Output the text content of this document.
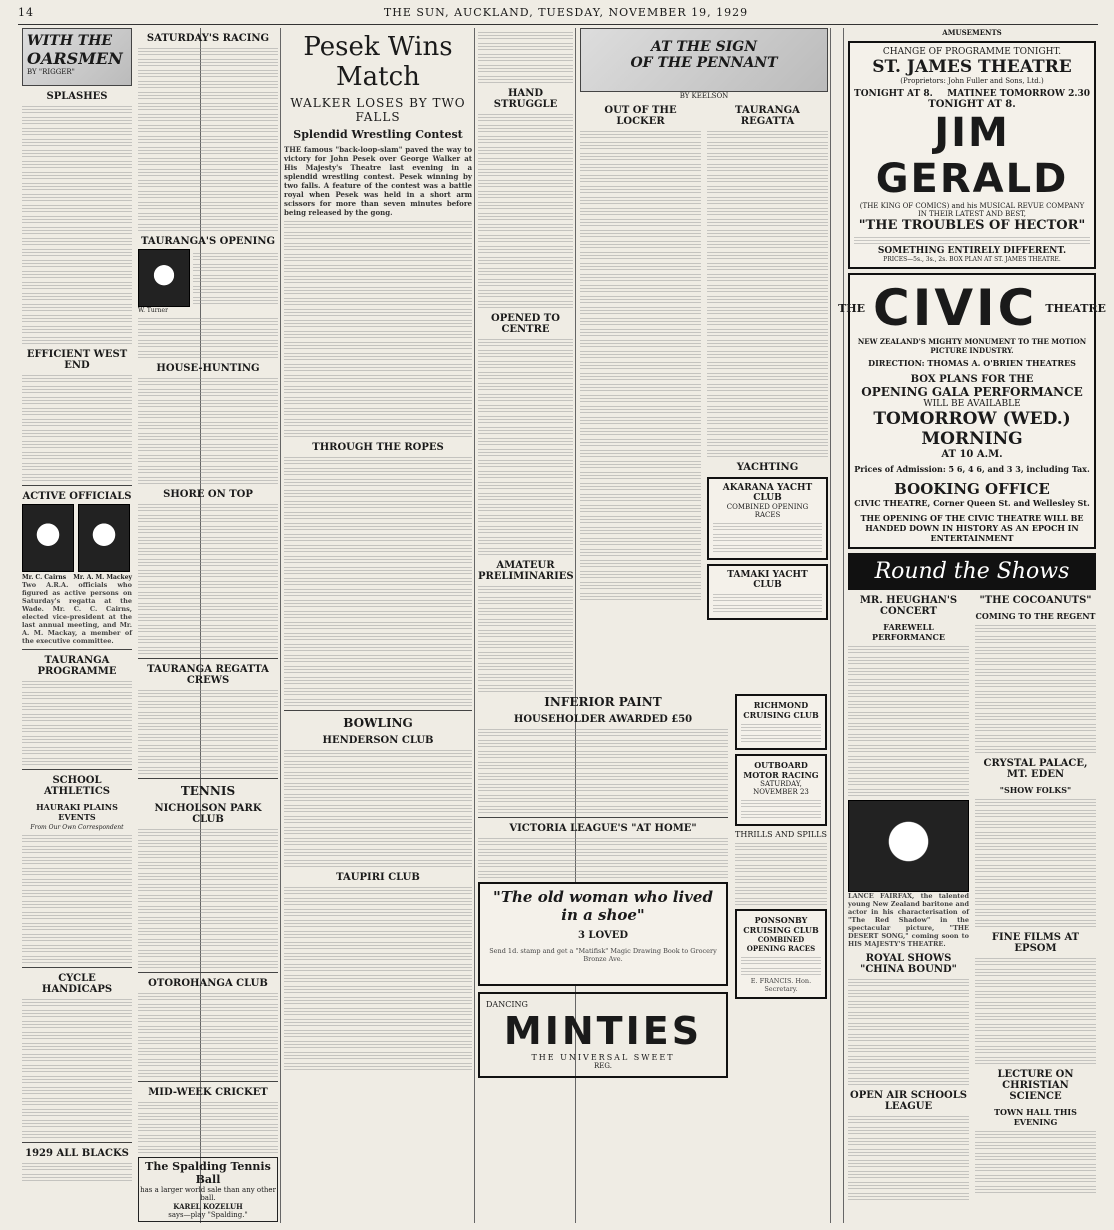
14	THE SUN, AUCKLAND, TUESDAY, NOVEMBER 19, 1929
WITH THE
OARSMEN
BY "RIGGER"
SPLASHES
EFFICIENT WEST END
ACTIVE OFFICIALS
Mr. C. Cairns Mr. A. M. Mackey
Two A.R.A. officials who figured as active persons on Saturday's regatta at the Wade. Mr. C. C. Cairns, elected vice-president at the last annual meeting, and Mr. A. M. Mackay, a member of the executive committee.
TAURANGA PROGRAMME
SCHOOL ATHLETICS
HAURAKI PLAINS EVENTS
From Our Own Correspondent
CYCLE HANDICAPS
1929 ALL BLACKS
SATURDAY'S RACING
TAURANGA'S OPENING
W. Turner
HOUSE-HUNTING
SHORE ON TOP
TAURANGA REGATTA CREWS
TENNIS
NICHOLSON PARK CLUB
OTOROHANGA CLUB
MID-WEEK CRICKET
The Spalding Tennis Ball
has a larger world sale than any other ball.
KAREL KOZELUH
says—play "Spalding."
Pesek Wins Match
WALKER LOSES BY TWO FALLS
Splendid Wrestling Contest
THE famous "back-loop-slam" paved the way to victory for John Pesek over George Walker at His Majesty's Theatre last evening in a splendid wrestling contest. Pesek winning by two falls. A feature of the contest was a battle royal when Pesek was held in a short arm scissors for more than seven minutes before being released by the gong.
THROUGH THE ROPES
BOWLING
HENDERSON CLUB
TAUPIRI CLUB
HAND STRUGGLE
OPENED TO CENTRE
AMATEUR PRELIMINARIES
INFERIOR PAINT
HOUSEHOLDER AWARDED £50
VICTORIA LEAGUE'S "AT HOME"
"The old woman who lived in a shoe"
3 LOVED
Send 1d. stamp and get a "Matifisk" Magic Drawing Book to Grocery Bronze Ave.
DANCING
MINTIES
THE UNIVERSAL SWEET
REG.
AT THE SIGN
OF THE PENNANT
BY KEELSON
OUT OF THE LOCKER
TAURANGA REGATTA
YACHTING
AKARANA YACHT CLUB
COMBINED OPENING RACES
TAMAKI YACHT CLUB
RICHMOND CRUISING CLUB
OUTBOARD MOTOR RACING
SATURDAY, NOVEMBER 23
THRILLS AND SPILLS
PONSONBY CRUISING CLUB
COMBINED OPENING RACES
E. FRANCIS. Hon. Secretary.
AMUSEMENTS
CHANGE OF PROGRAMME TONIGHT.
ST. JAMES THEATRE
(Proprietors: John Fuller and Sons, Ltd.)
TONIGHT AT 8. MATINEE TOMORROW 2.30
TONIGHT AT 8.
JIM GERALD
(THE KING OF COMICS) and his MUSICAL REVUE COMPANY
IN THEIR LATEST AND BEST,
"THE TROUBLES OF HECTOR"
SOMETHING ENTIRELY DIFFERENT.
PRICES—5s., 3s., 2s. BOX PLAN AT ST. JAMES THEATRE.
THE CIVIC THEATRE
NEW ZEALAND'S MIGHTY MONUMENT TO THE MOTION PICTURE INDUSTRY.
DIRECTION: THOMAS A. O'BRIEN THEATRES
BOX PLANS FOR THE
OPENING GALA PERFORMANCE
WILL BE AVAILABLE
TOMORROW (WED.) MORNING
AT 10 A.M.
Prices of Admission: 5 6, 4 6, and 3 3, including Tax.
BOOKING OFFICE
CIVIC THEATRE, Corner Queen St. and Wellesley St.
THE OPENING OF THE CIVIC THEATRE WILL BE HANDED DOWN IN HISTORY AS AN EPOCH IN ENTERTAINMENT
Round the Shows
MR. HEUGHAN'S CONCERT
FAREWELL PERFORMANCE
LANCE FAIRFAX, the talented young New Zealand baritone and actor in his characterisation of "The Red Shadow" in the spectacular picture, "THE DESERT SONG," coming soon to HIS MAJESTY'S THEATRE.
ROYAL SHOWS "CHINA BOUND"
OPEN AIR SCHOOLS LEAGUE
"THE COCOANUTS"
COMING TO THE REGENT
CRYSTAL PALACE, MT. EDEN
"SHOW FOLKS"
FINE FILMS AT EPSOM
LECTURE ON CHRISTIAN SCIENCE
TOWN HALL THIS EVENING
